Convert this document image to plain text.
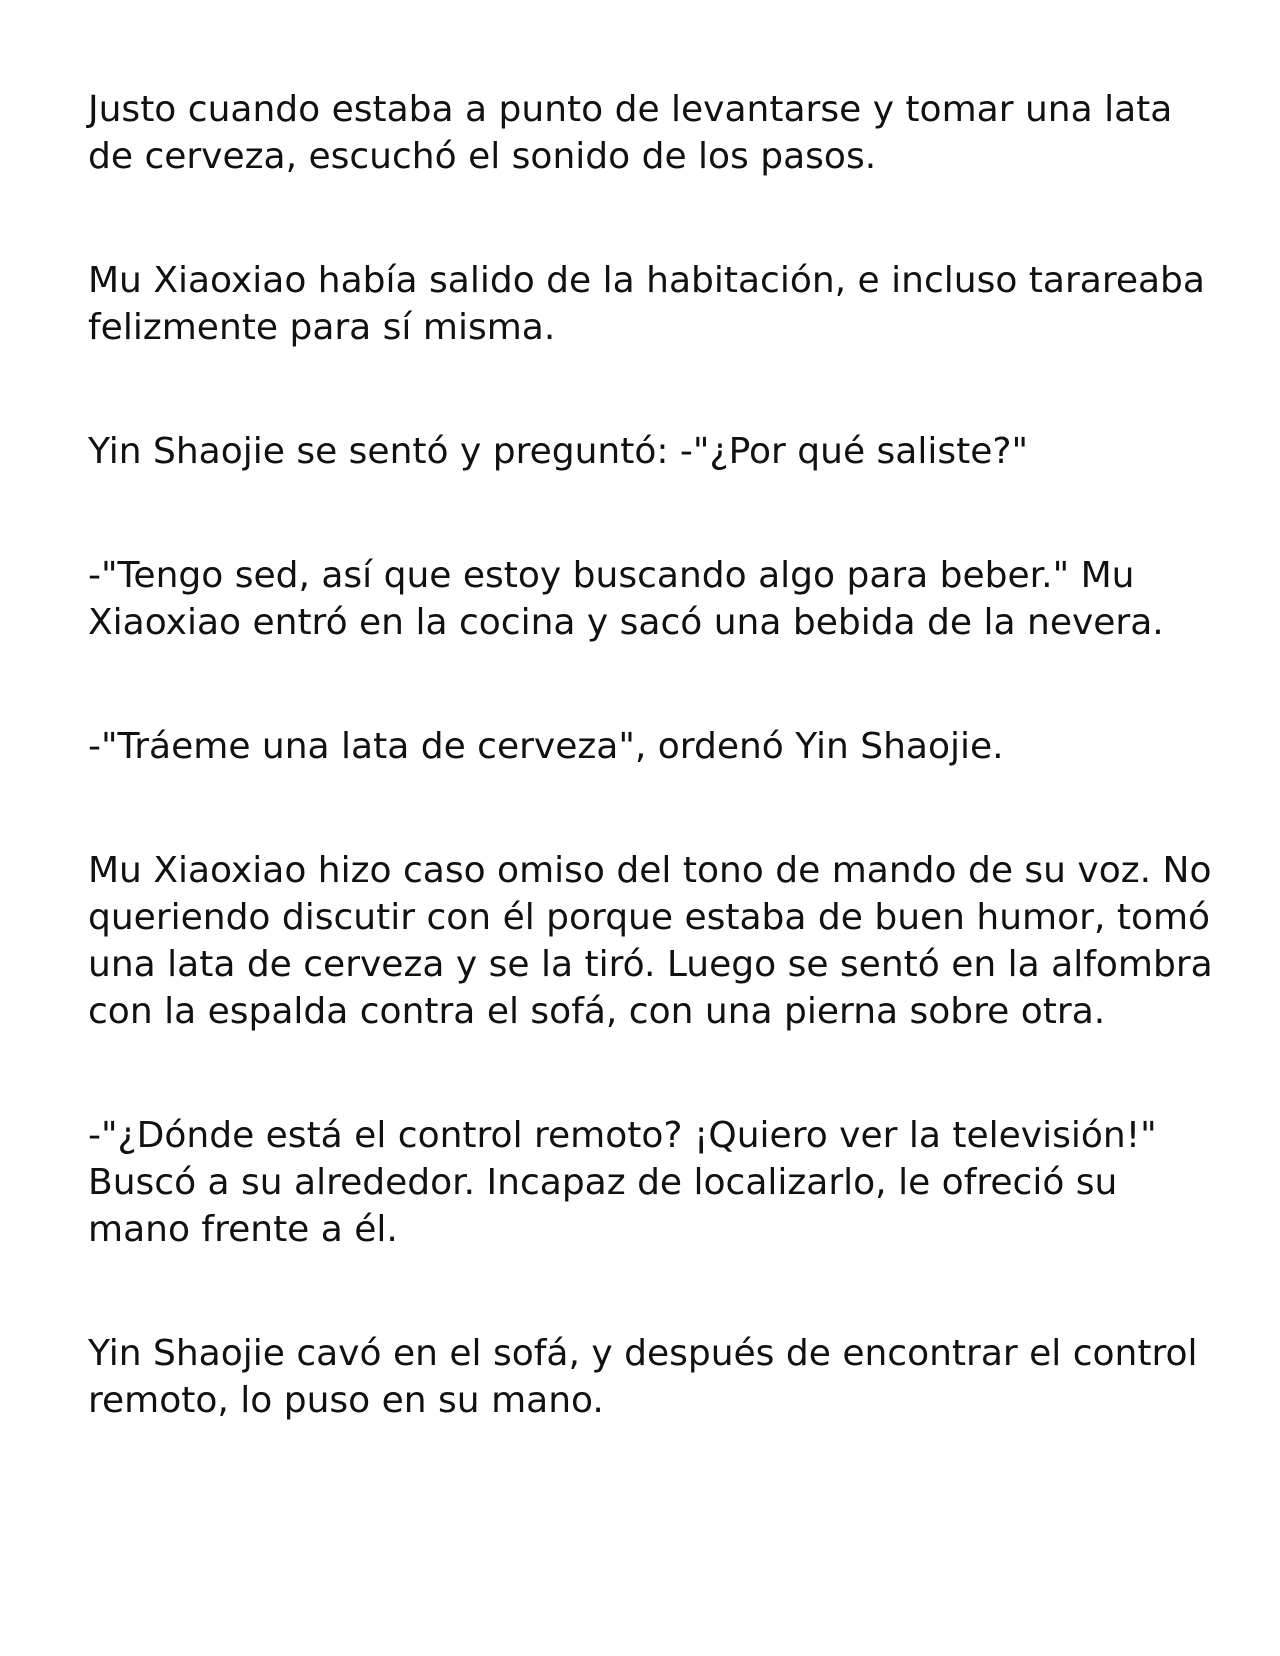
Justo cuando estaba a punto de levantarse y tomar una lata de cerveza, escuchó el sonido de los pasos.

Mu Xiaoxiao había salido de la habitación, e incluso tarareaba felizmente para sí misma.

Yin Shaojie se sentó y preguntó: -"¿Por qué saliste?"

-"Tengo sed, así que estoy buscando algo para beber." Mu Xiaoxiao entró en la cocina y sacó una bebida de la nevera.

-"Tráeme una lata de cerveza", ordenó Yin Shaojie.

Mu Xiaoxiao hizo caso omiso del tono de mando de su voz. No queriendo discutir con él porque estaba de buen humor, tomó una lata de cerveza y se la tiró. Luego se sentó en la alfombra con la espalda contra el sofá, con una pierna sobre otra.

-"¿Dónde está el control remoto? ¡Quiero ver la televisión!" Buscó a su alrededor. Incapaz de localizarlo, le ofreció su mano frente a él.

Yin Shaojie cavó en el sofá, y después de encontrar el control remoto, lo puso en su mano.
